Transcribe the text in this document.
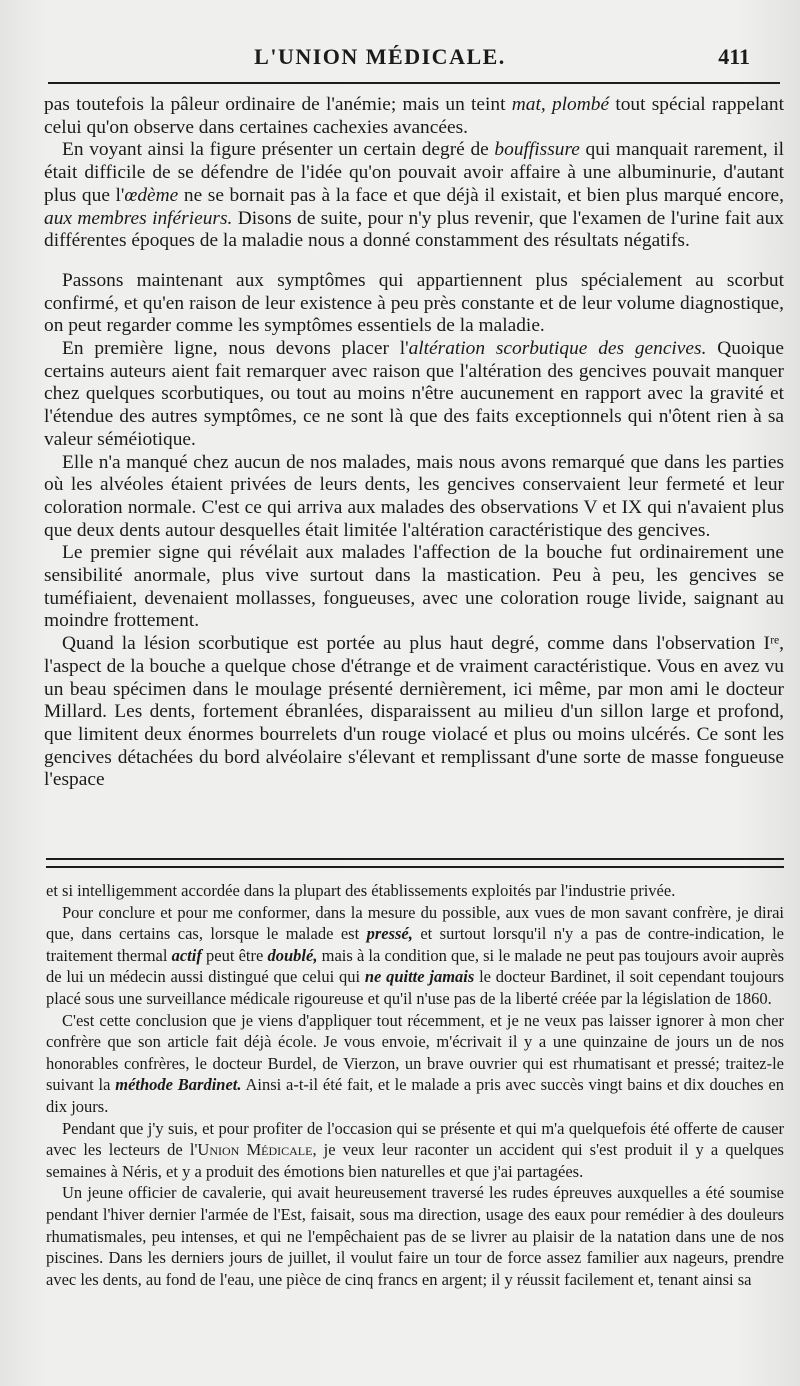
L'UNION MÉDICALE.	411

pas toutefois la pâleur ordinaire de l'anémie; mais un teint mat, plombé tout spécial rappelant celui qu'on observe dans certaines cachexies avancées.

En voyant ainsi la figure présenter un certain degré de bouffissure qui manquait rarement, il était difficile de se défendre de l'idée qu'on pouvait avoir affaire à une albuminurie, d'autant plus que l'œdème ne se bornait pas à la face et que déjà il existait, et bien plus marqué encore, aux membres inférieurs. Disons de suite, pour n'y plus revenir, que l'examen de l'urine fait aux différentes époques de la maladie nous a donné constamment des résultats négatifs.

Passons maintenant aux symptômes qui appartiennent plus spécialement au scorbut confirmé, et qu'en raison de leur existence à peu près constante et de leur volume diagnostique, on peut regarder comme les symptômes essentiels de la maladie.

En première ligne, nous devons placer l'altération scorbutique des gencives. Quoique certains auteurs aient fait remarquer avec raison que l'altération des gencives pouvait manquer chez quelques scorbutiques, ou tout au moins n'être aucunement en rapport avec la gravité et l'étendue des autres symptômes, ce ne sont là que des faits exceptionnels qui n'ôtent rien à sa valeur séméiotique.

Elle n'a manqué chez aucun de nos malades, mais nous avons remarqué que dans les parties où les alvéoles étaient privées de leurs dents, les gencives conservaient leur fermeté et leur coloration normale. C'est ce qui arriva aux malades des observations V et IX qui n'avaient plus que deux dents autour desquelles était limitée l'altération caractéristique des gencives.

Le premier signe qui révélait aux malades l'affection de la bouche fut ordinairement une sensibilité anormale, plus vive surtout dans la mastication. Peu à peu, les gencives se tuméfiaient, devenaient mollasses, fongueuses, avec une coloration rouge livide, saignant au moindre frottement.

Quand la lésion scorbutique est portée au plus haut degré, comme dans l'observation Iʳᵉ, l'aspect de la bouche a quelque chose d'étrange et de vraiment caractéristique. Vous en avez vu un beau spécimen dans le moulage présenté dernièrement, ici même, par mon ami le docteur Millard. Les dents, fortement ébranlées, disparaissent au milieu d'un sillon large et profond, que limitent deux énormes bourrelets d'un rouge violacé et plus ou moins ulcérés. Ce sont les gencives détachées du bord alvéolaire s'élevant et remplissant d'une sorte de masse fongueuse l'espace

et si intelligemment accordée dans la plupart des établissements exploités par l'industrie privée.

Pour conclure et pour me conformer, dans la mesure du possible, aux vues de mon savant confrère, je dirai que, dans certains cas, lorsque le malade est pressé, et surtout lorsqu'il n'y a pas de contre-indication, le traitement thermal actif peut être doublé, mais à la condition que, si le malade ne peut pas toujours avoir auprès de lui un médecin aussi distingué que celui qui ne quitte jamais le docteur Bardinet, il soit cependant toujours placé sous une surveillance médicale rigoureuse et qu'il n'use pas de la liberté créée par la législation de 1860.

C'est cette conclusion que je viens d'appliquer tout récemment, et je ne veux pas laisser ignorer à mon cher confrère que son article fait déjà école. Je vous envoie, m'écrivait il y a une quinzaine de jours un de nos honorables confrères, le docteur Burdel, de Vierzon, un brave ouvrier qui est rhumatisant et pressé; traitez-le suivant la méthode Bardinet. Ainsi a-t-il été fait, et le malade a pris avec succès vingt bains et dix douches en dix jours.

Pendant que j'y suis, et pour profiter de l'occasion qui se présente et qui m'a quelquefois été offerte de causer avec les lecteurs de l'Union Médicale, je veux leur raconter un accident qui s'est produit il y a quelques semaines à Néris, et y a produit des émotions bien naturelles et que j'ai partagées.

Un jeune officier de cavalerie, qui avait heureusement traversé les rudes épreuves auxquelles a été soumise pendant l'hiver dernier l'armée de l'Est, faisait, sous ma direction, usage des eaux pour remédier à des douleurs rhumatismales, peu intenses, et qui ne l'empêchaient pas de se livrer au plaisir de la natation dans une de nos piscines. Dans les derniers jours de juillet, il voulut faire un tour de force assez familier aux nageurs, prendre avec les dents, au fond de l'eau, une pièce de cinq francs en argent; il y réussit facilement et, tenant ainsi sa
